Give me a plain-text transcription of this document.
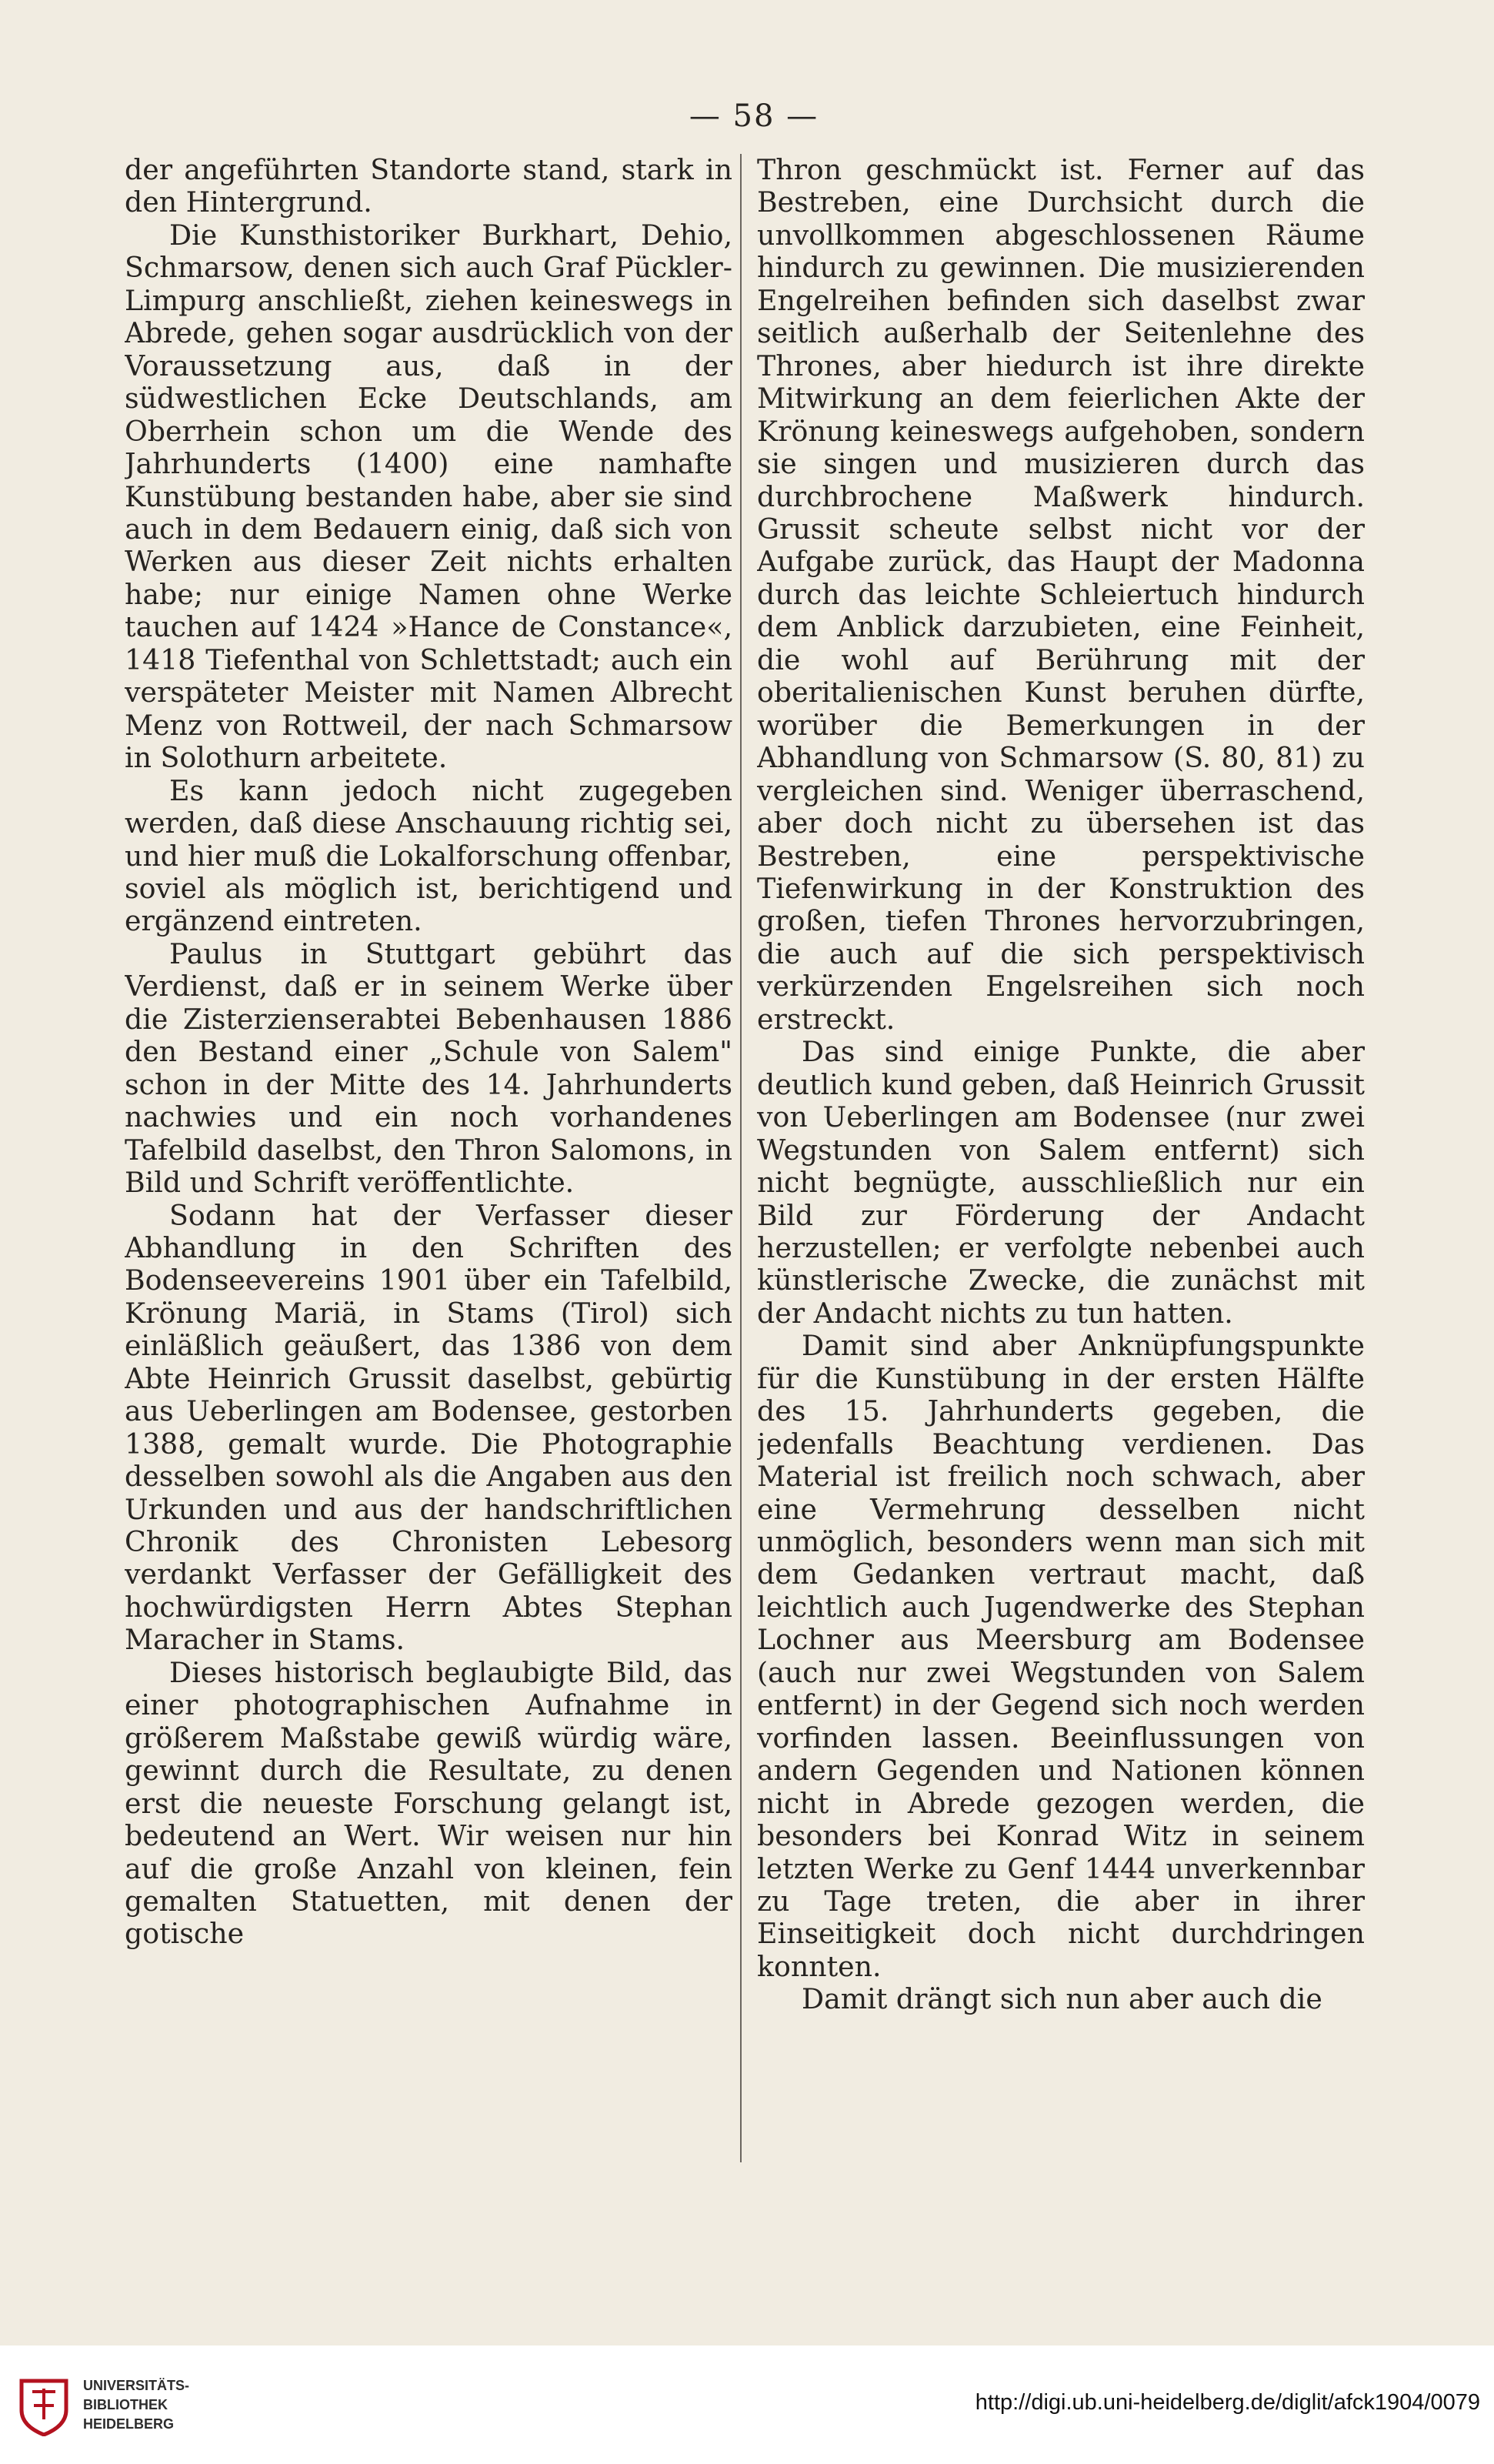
— 58 —

der angeführten Standorte stand, stark in den Hintergrund.

Die Kunsthistoriker Burkhart, Dehio, Schmarsow, denen sich auch Graf Pückler-Limpurg anschließt, ziehen keineswegs in Abrede, gehen sogar ausdrücklich von der Voraussetzung aus, daß in der südwestlichen Ecke Deutschlands, am Oberrhein schon um die Wende des Jahrhunderts (1400) eine namhafte Kunstübung bestanden habe, aber sie sind auch in dem Bedauern einig, daß sich von Werken aus dieser Zeit nichts erhalten habe; nur einige Namen ohne Werke tauchen auf 1424 »Hance de Constance«, 1418 Tiefenthal von Schlettstadt; auch ein verspäteter Meister mit Namen Albrecht Menz von Rottweil, der nach Schmarsow in Solothurn arbeitete.

Es kann jedoch nicht zugegeben werden, daß diese Anschauung richtig sei, und hier muß die Lokalforschung offenbar, soviel als möglich ist, berichtigend und ergänzend eintreten.

Paulus in Stuttgart gebührt das Verdienst, daß er in seinem Werke über die Zisterzienserabtei Bebenhausen 1886 den Bestand einer „Schule von Salem" schon in der Mitte des 14. Jahrhunderts nachwies und ein noch vorhandenes Tafelbild daselbst, den Thron Salomons, in Bild und Schrift veröffentlichte.

Sodann hat der Verfasser dieser Abhandlung in den Schriften des Bodenseevereins 1901 über ein Tafelbild, Krönung Mariä, in Stams (Tirol) sich einläßlich geäußert, das 1386 von dem Abte Heinrich Grussit daselbst, gebürtig aus Ueberlingen am Bodensee, gestorben 1388, gemalt wurde. Die Photographie desselben sowohl als die Angaben aus den Urkunden und aus der handschriftlichen Chronik des Chronisten Lebesorg verdankt Verfasser der Gefälligkeit des hochwürdigsten Herrn Abtes Stephan Maracher in Stams.

Dieses historisch beglaubigte Bild, das einer photographischen Aufnahme in größerem Maßstabe gewiß würdig wäre, gewinnt durch die Resultate, zu denen erst die neueste Forschung gelangt ist, bedeutend an Wert. Wir weisen nur hin auf die große Anzahl von kleinen, fein gemalten Statuetten, mit denen der gotische

Thron geschmückt ist. Ferner auf das Bestreben, eine Durchsicht durch die unvollkommen abgeschlossenen Räume hindurch zu gewinnen. Die musizierenden Engelreihen befinden sich daselbst zwar seitlich außerhalb der Seitenlehne des Thrones, aber hiedurch ist ihre direkte Mitwirkung an dem feierlichen Akte der Krönung keineswegs aufgehoben, sondern sie singen und musizieren durch das durchbrochene Maßwerk hindurch. Grussit scheute selbst nicht vor der Aufgabe zurück, das Haupt der Madonna durch das leichte Schleiertuch hindurch dem Anblick darzubieten, eine Feinheit, die wohl auf Berührung mit der oberitalienischen Kunst beruhen dürfte, worüber die Bemerkungen in der Abhandlung von Schmarsow (S. 80, 81) zu vergleichen sind. Weniger überraschend, aber doch nicht zu übersehen ist das Bestreben, eine perspektivische Tiefenwirkung in der Konstruktion des großen, tiefen Thrones hervorzubringen, die auch auf die sich perspektivisch verkürzenden Engelsreihen sich noch erstreckt.

Das sind einige Punkte, die aber deutlich kund geben, daß Heinrich Grussit von Ueberlingen am Bodensee (nur zwei Wegstunden von Salem entfernt) sich nicht begnügte, ausschließlich nur ein Bild zur Förderung der Andacht herzustellen; er verfolgte nebenbei auch künstlerische Zwecke, die zunächst mit der Andacht nichts zu tun hatten.

Damit sind aber Anknüpfungspunkte für die Kunstübung in der ersten Hälfte des 15. Jahrhunderts gegeben, die jedenfalls Beachtung verdienen. Das Material ist freilich noch schwach, aber eine Vermehrung desselben nicht unmöglich, besonders wenn man sich mit dem Gedanken vertraut macht, daß leichtlich auch Jugendwerke des Stephan Lochner aus Meersburg am Bodensee (auch nur zwei Wegstunden von Salem entfernt) in der Gegend sich noch werden vorfinden lassen. Beeinflussungen von andern Gegenden und Nationen können nicht in Abrede gezogen werden, die besonders bei Konrad Witz in seinem letzten Werke zu Genf 1444 unverkennbar zu Tage treten, die aber in ihrer Einseitigkeit doch nicht durchdringen konnten.

Damit drängt sich nun aber auch die

UNIVERSITÄTS-
BIBLIOTHEK
HEIDELBERG
http://digi.ub.uni-heidelberg.de/diglit/afck1904/0079
